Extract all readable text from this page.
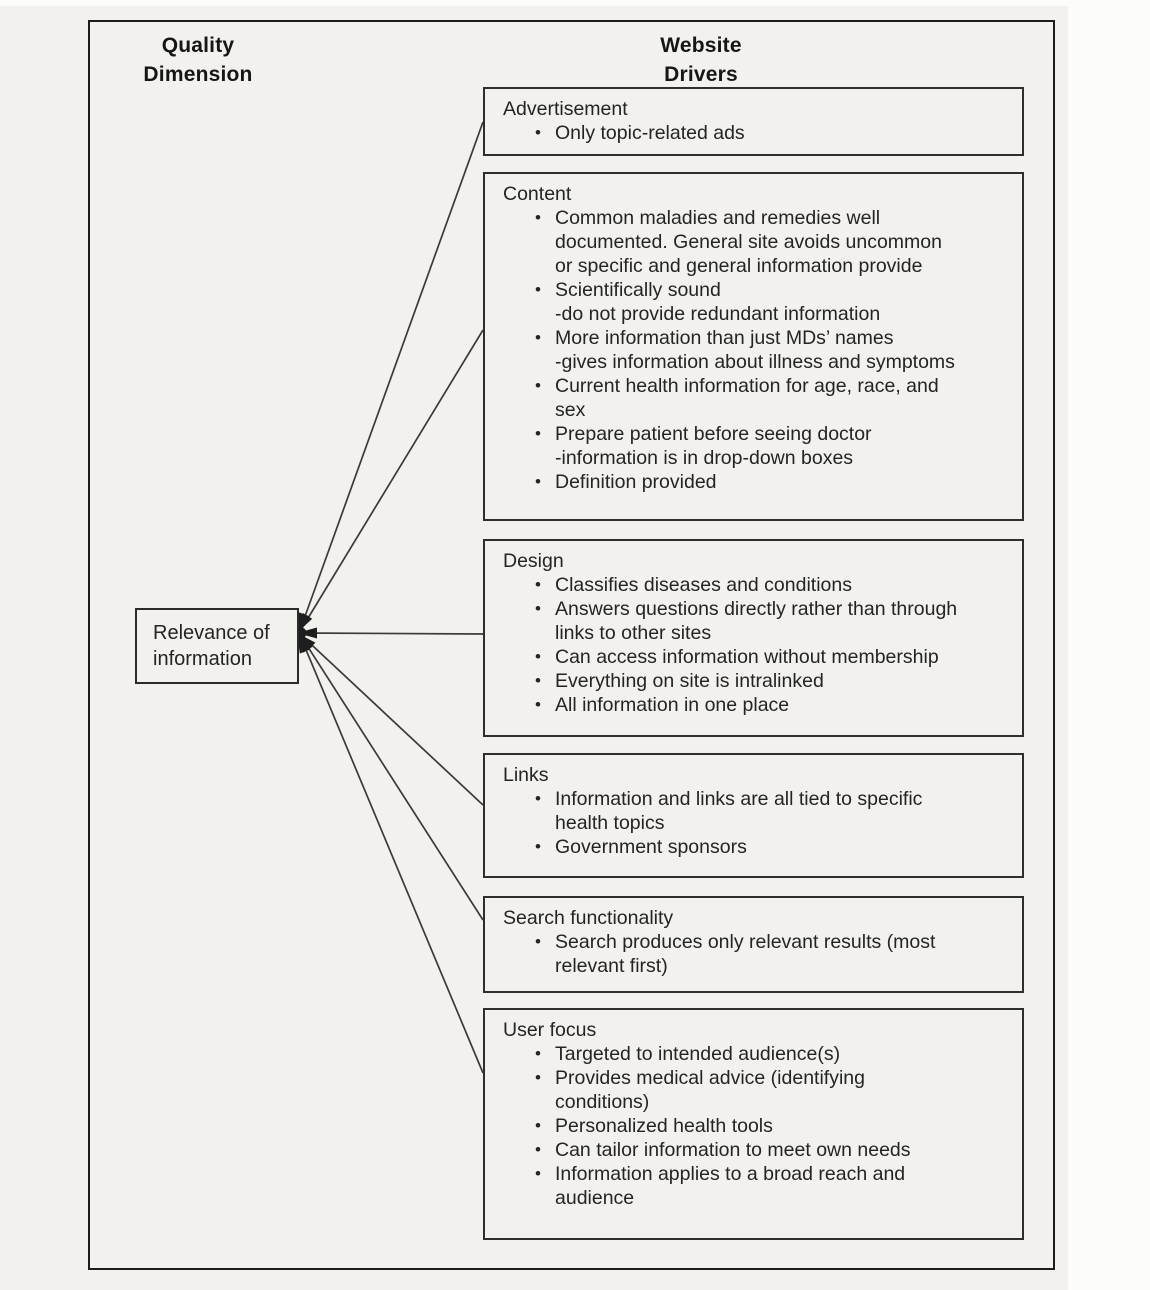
Quality
Dimension
Website
Drivers
Relevance of
information
Advertisement
• Only topic-related ads
Content
• Common maladies and remedies well
documented. General site avoids uncommon
or specific and general information provide
• Scientifically sound
-do not provide redundant information
• More information than just MDs’ names
-gives information about illness and symptoms
• Current health information for age, race, and
sex
• Prepare patient before seeing doctor
-information is in drop-down boxes
• Definition provided
Design
• Classifies diseases and conditions
• Answers questions directly rather than through
links to other sites
• Can access information without membership
• Everything on site is intralinked
• All information in one place
Links
• Information and links are all tied to specific
health topics
• Government sponsors
Search functionality
• Search produces only relevant results (most
relevant first)
User focus
• Targeted to intended audience(s)
• Provides medical advice (identifying
conditions)
• Personalized health tools
• Can tailor information to meet own needs
• Information applies to a broad reach and
audience
